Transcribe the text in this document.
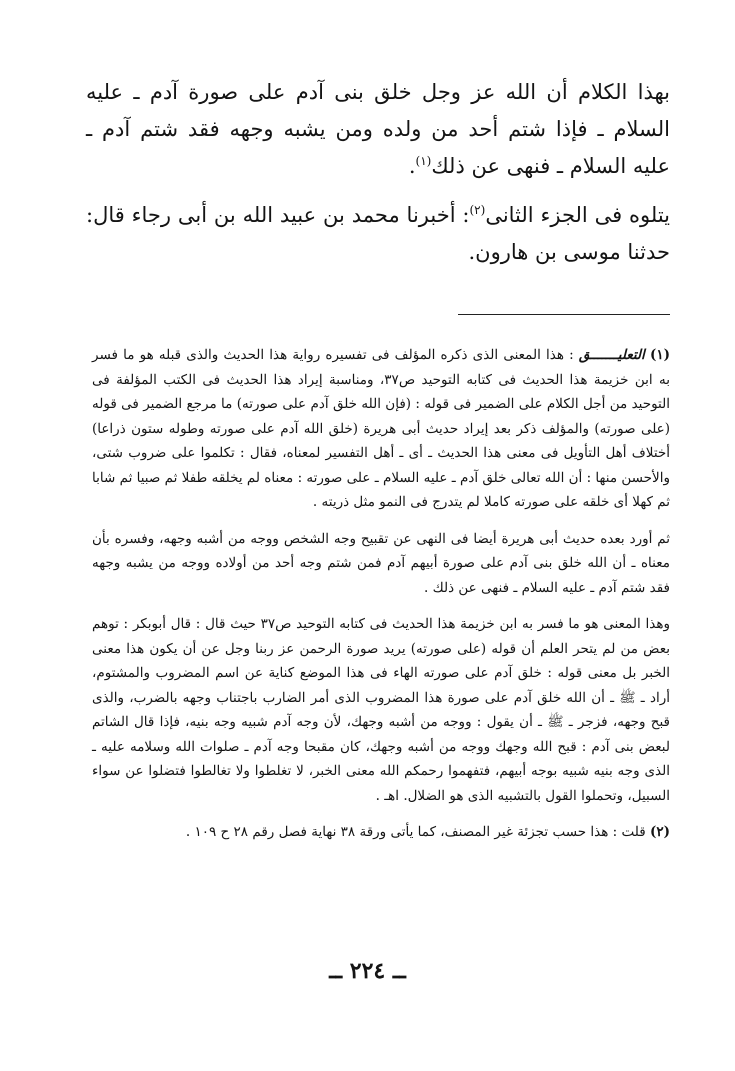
بهذا الكلام أن الله عز وجل خلق بنى آدم على صورة آدم ـ عليه السلام ـ فإذا شتم أحد من ولده ومن يشبه وجهه فقد شتم آدم ـ عليه السلام ـ فنهى عن ذلك$^{(١)}$.

يتلوه فى الجزء الثانى$^{(٢)}$: أخبرنا محمد بن عبيد الله بن أبى رجاء قال: حدثنا موسى بن هارون.

(١) التعليـــــــق : هذا المعنى الذى ذكره المؤلف فى تفسيره رواية هذا الحديث والذى قبله هو ما فسر به ابن خزيمة هذا الحديث فى كتابه التوحيد ص٣٧، ومناسبة إيراد هذا الحديث فى الكتب المؤلفة فى التوحيد من أجل الكلام على الضمير فى قوله : (فإن الله خلق آدم على صورته) ما مرجع الضمير فى قوله (على صورته) والمؤلف ذكر بعد إيراد حديث أبى هريرة (خلق الله آدم على صورته وطوله ستون ذراعا) أختلاف أهل التأويل فى معنى هذا الحديث ـ أى ـ أهل التفسير لمعناه، فقال : تكلموا على ضروب شتى، والأحسن منها : أن الله تعالى خلق آدم ـ عليه السلام ـ على صورته : معناه لم يخلقه طفلا ثم صبيا ثم شابا ثم كهلا أى خلقه على صورته كاملا لم يتدرج فى النمو مثل ذريته .

ثم أورد بعده حديث أبى هريرة أيضا فى النهى عن تقبيح وجه الشخص ووجه من أشبه وجهه، وفسره بأن معناه ـ أن الله خلق بنى آدم على صورة أبيهم آدم فمن شتم وجه أحد من أولاده ووجه من يشبه وجهه فقد شتم آدم ـ عليه السلام ـ فنهى عن ذلك .

وهذا المعنى هو ما فسر به ابن خزيمة هذا الحديث فى كتابه التوحيد ص٣٧ حيث قال : قال أبوبكر : توهم بعض من لم يتحر العلم أن قوله (على صورته) يريد صورة الرحمن عز ربنا وجل عن أن يكون هذا معنى الخبر بل معنى قوله : خلق آدم على صورته الهاء فى هذا الموضع كناية عن اسم المضروب والمشتوم، أراد ـ ﷺ ـ أن الله خلق آدم على صورة هذا المضروب الذى أمر الضارب باجتناب وجهه بالضرب، والذى قبح وجهه، فزجر ـ ﷺ ـ أن يقول : ووجه من أشبه وجهك، لأن وجه آدم شبيه وجه بنيه، فإذا قال الشاتم لبعض بنى آدم : قبح الله وجهك ووجه من أشبه وجهك، كان مقبحا وجه آدم ـ صلوات الله وسلامه عليه ـ الذى وجه بنيه شبيه بوجه أبيهم، فتفهموا رحمكم الله معنى الخبر، لا تغلطوا ولا تغالطوا فتضلوا عن سواء السبيل، وتحملوا القول بالتشبيه الذى هو الضلال. اهـ .

(٢) قلت : هذا حسب تجزئة غير المصنف، كما يأتى ورقة ٣٨ نهاية فصل رقم ٢٨ ح ١٠٩ .

ــ ٢٢٤ ــ
